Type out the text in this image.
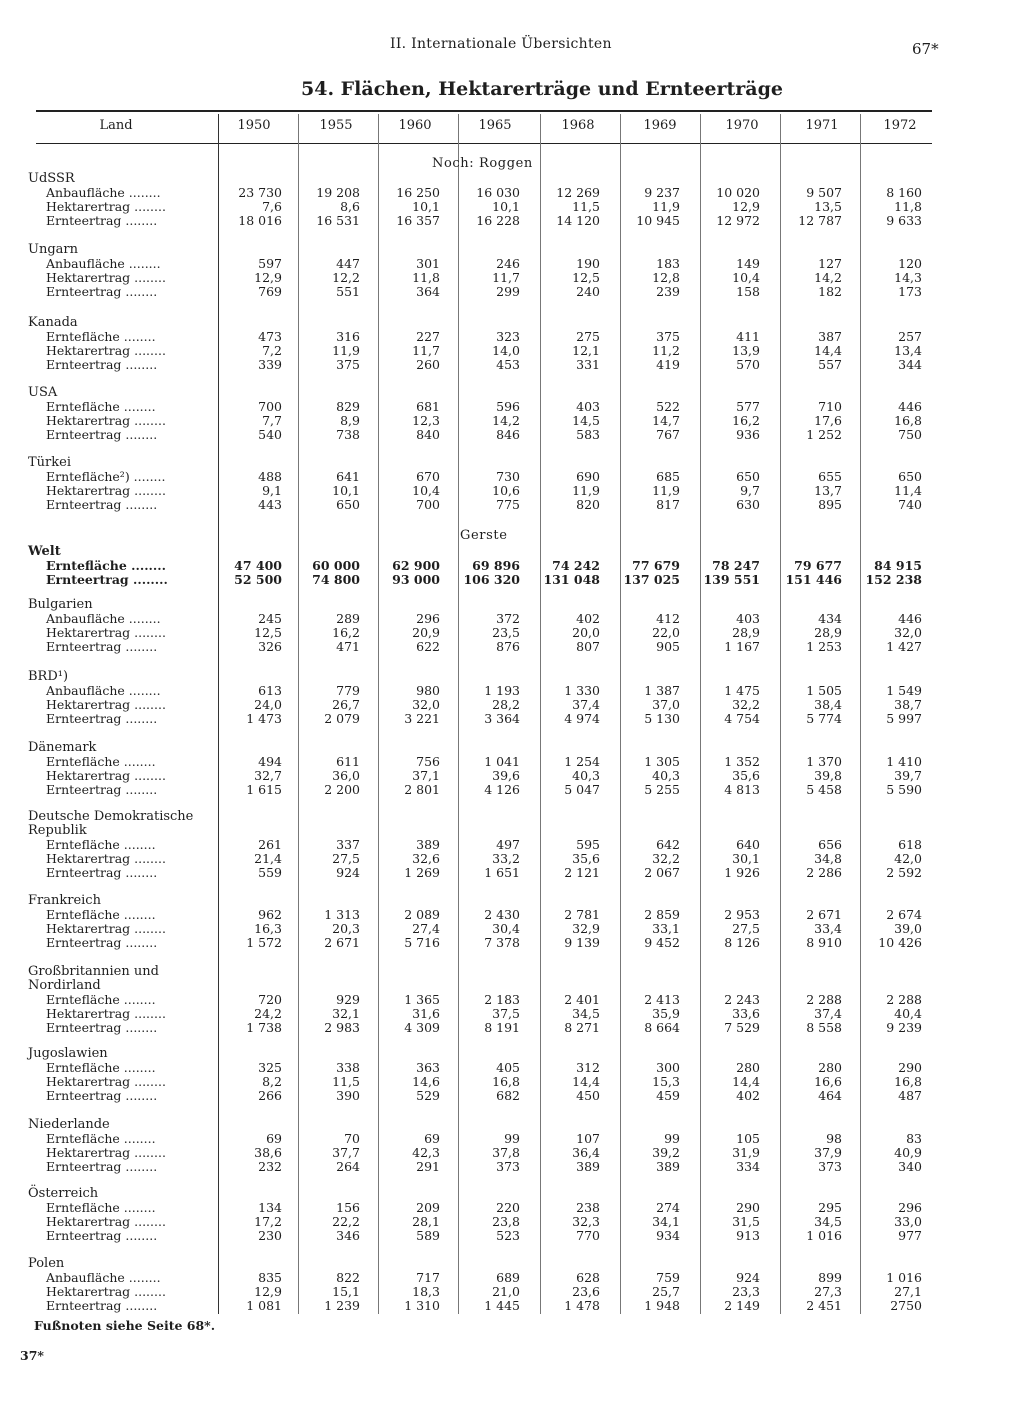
II. Internationale Übersichten	67*
54. Flächen, Hektarerträge und Ernteerträge
Land	1950	1955	1960	1965	1968	1969	1970	1971	1972
Noch: Roggen
UdSSR
Anbaufläche ........	23 730	19 208	16 250	16 030	12 269	9 237	10 020	9 507	8 160
Hektarertrag ........	7,6	8,6	10,1	10,1	11,5	11,9	12,9	13,5	11,8
Ernteertrag ........	18 016	16 531	16 357	16 228	14 120	10 945	12 972	12 787	9 633
Ungarn
Anbaufläche ........	597	447	301	246	190	183	149	127	120
Hektarertrag ........	12,9	12,2	11,8	11,7	12,5	12,8	10,4	14,2	14,3
Ernteertrag ........	769	551	364	299	240	239	158	182	173
Kanada
Erntefläche ........	473	316	227	323	275	375	411	387	257
Hektarertrag ........	7,2	11,9	11,7	14,0	12,1	11,2	13,9	14,4	13,4
Ernteertrag ........	339	375	260	453	331	419	570	557	344
USA
Erntefläche ........	700	829	681	596	403	522	577	710	446
Hektarertrag ........	7,7	8,9	12,3	14,2	14,5	14,7	16,2	17,6	16,8
Ernteertrag ........	540	738	840	846	583	767	936	1 252	750
Türkei
Erntefläche²) ........	488	641	670	730	690	685	650	655	650
Hektarertrag ........	9,1	10,1	10,4	10,6	11,9	11,9	9,7	13,7	11,4
Ernteertrag ........	443	650	700	775	820	817	630	895	740
Gerste
Welt
Erntefläche ........	47 400	60 000	62 900	69 896	74 242	77 679	78 247	79 677	84 915
Ernteertrag ........	52 500	74 800	93 000	106 320	131 048	137 025	139 551	151 446	152 238
Bulgarien
Anbaufläche ........	245	289	296	372	402	412	403	434	446
Hektarertrag ........	12,5	16,2	20,9	23,5	20,0	22,0	28,9	28,9	32,0
Ernteertrag ........	326	471	622	876	807	905	1 167	1 253	1 427
BRD¹)
Anbaufläche ........	613	779	980	1 193	1 330	1 387	1 475	1 505	1 549
Hektarertrag ........	24,0	26,7	32,0	28,2	37,4	37,0	32,2	38,4	38,7
Ernteertrag ........	1 473	2 079	3 221	3 364	4 974	5 130	4 754	5 774	5 997
Dänemark
Erntefläche ........	494	611	756	1 041	1 254	1 305	1 352	1 370	1 410
Hektarertrag ........	32,7	36,0	37,1	39,6	40,3	40,3	35,6	39,8	39,7
Ernteertrag ........	1 615	2 200	2 801	4 126	5 047	5 255	4 813	5 458	5 590
Deutsche Demokratische Republik
Erntefläche ........	261	337	389	497	595	642	640	656	618
Hektarertrag ........	21,4	27,5	32,6	33,2	35,6	32,2	30,1	34,8	42,0
Ernteertrag ........	559	924	1 269	1 651	2 121	2 067	1 926	2 286	2 592
Frankreich
Erntefläche ........	962	1 313	2 089	2 430	2 781	2 859	2 953	2 671	2 674
Hektarertrag ........	16,3	20,3	27,4	30,4	32,9	33,1	27,5	33,4	39,0
Ernteertrag ........	1 572	2 671	5 716	7 378	9 139	9 452	8 126	8 910	10 426
Großbritannien und Nordirland
Erntefläche ........	720	929	1 365	2 183	2 401	2 413	2 243	2 288	2 288
Hektarertrag ........	24,2	32,1	31,6	37,5	34,5	35,9	33,6	37,4	40,4
Ernteertrag ........	1 738	2 983	4 309	8 191	8 271	8 664	7 529	8 558	9 239
Jugoslawien
Erntefläche ........	325	338	363	405	312	300	280	280	290
Hektarertrag ........	8,2	11,5	14,6	16,8	14,4	15,3	14,4	16,6	16,8
Ernteertrag ........	266	390	529	682	450	459	402	464	487
Niederlande
Erntefläche ........	69	70	69	99	107	99	105	98	83
Hektarertrag ........	38,6	37,7	42,3	37,8	36,4	39,2	31,9	37,9	40,9
Ernteertrag ........	232	264	291	373	389	389	334	373	340
Österreich
Erntefläche ........	134	156	209	220	238	274	290	295	296
Hektarertrag ........	17,2	22,2	28,1	23,8	32,3	34,1	31,5	34,5	33,0
Ernteertrag ........	230	346	589	523	770	934	913	1 016	977
Polen
Anbaufläche ........	835	822	717	689	628	759	924	899	1 016
Hektarertrag ........	12,9	15,1	18,3	21,0	23,6	25,7	23,3	27,3	27,1
Ernteertrag ........	1 081	1 239	1 310	1 445	1 478	1 948	2 149	2 451	2750
Fußnoten siehe Seite 68*.
37*
